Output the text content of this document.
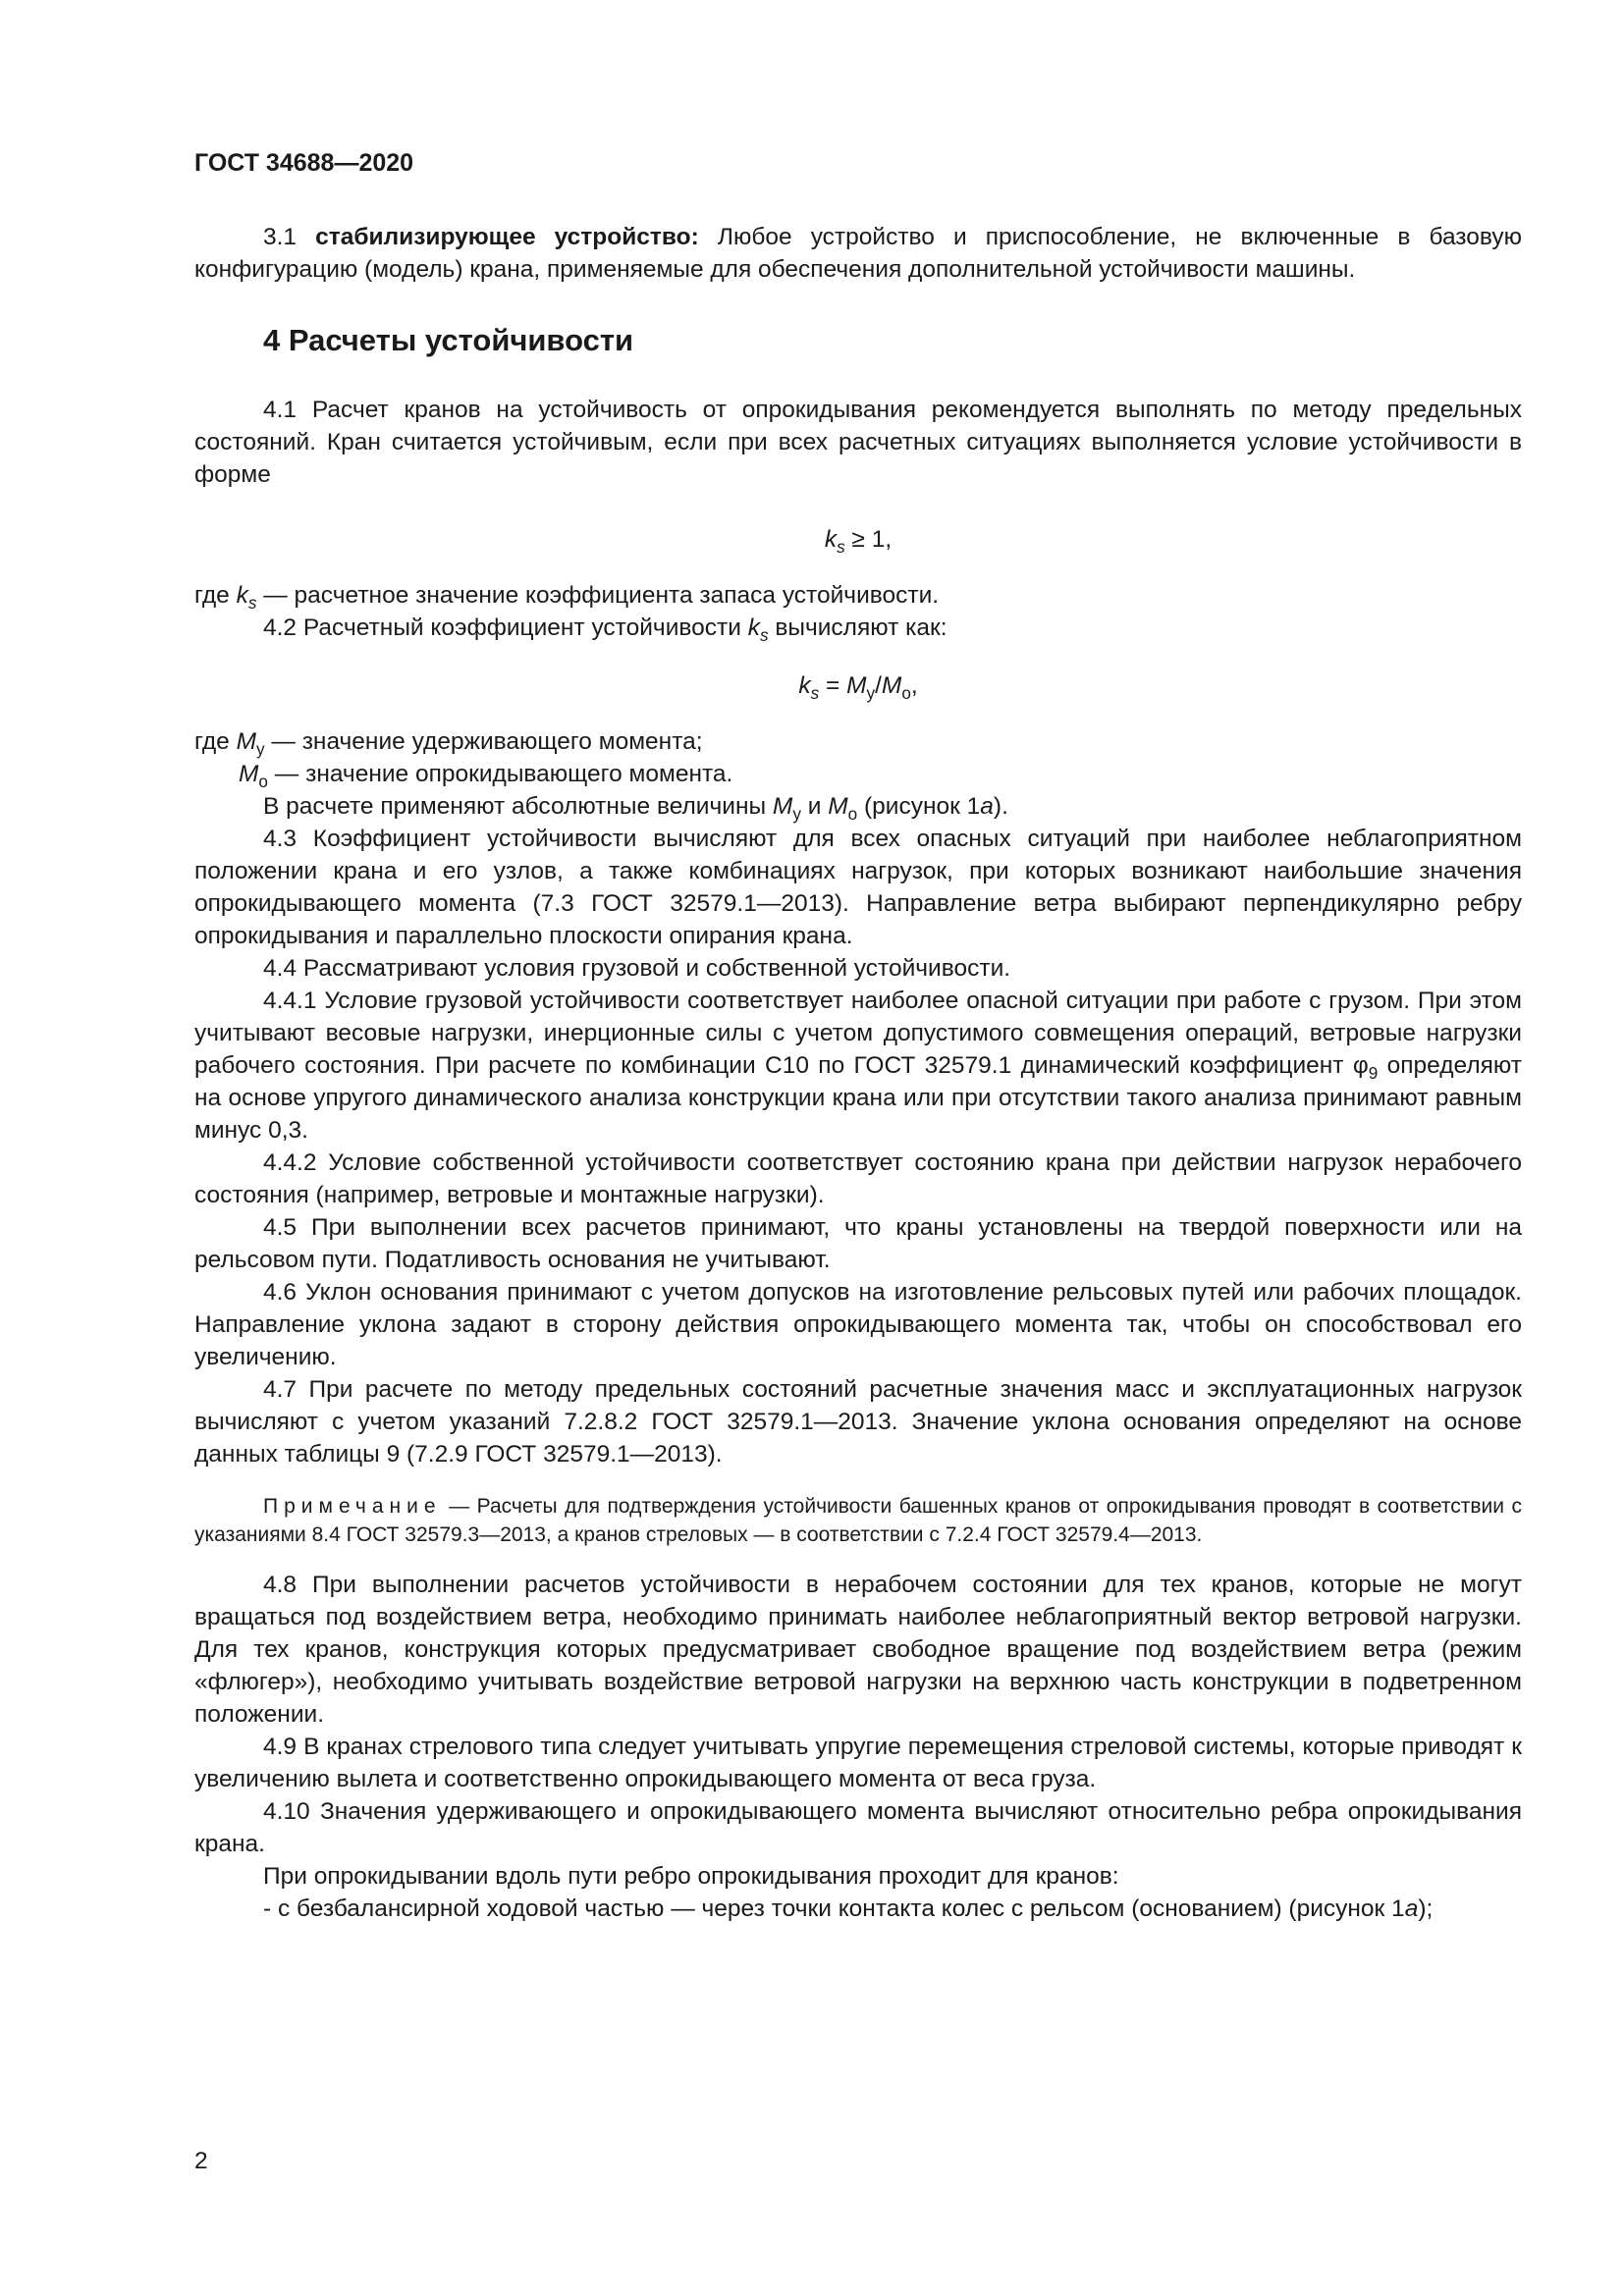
ГОСТ 34688—2020

3.1 стабилизирующее устройство: Любое устройство и приспособление, не включенные в базовую конфигурацию (модель) крана, применяемые для обеспечения дополнительной устойчивости машины.

4 Расчеты устойчивости

4.1 Расчет кранов на устойчивость от опрокидывания рекомендуется выполнять по методу предельных состояний. Кран считается устойчивым, если при всех расчетных ситуациях выполняется условие устойчивости в форме

$k_s \ge 1$,

где $k_s$ — расчетное значение коэффициента запаса устойчивости.

4.2 Расчетный коэффициент устойчивости $k_s$ вычисляют как:

$k_s = M_у/M_о$,

где $M_у$ — значение удерживающего момента;

$M_о$ — значение опрокидывающего момента.

В расчете применяют абсолютные величины $M_у$ и $M_о$ (рисунок 1а).

4.3 Коэффициент устойчивости вычисляют для всех опасных ситуаций при наиболее неблагоприятном положении крана и его узлов, а также комбинациях нагрузок, при которых возникают наибольшие значения опрокидывающего момента (7.3 ГОСТ 32579.1—2013). Направление ветра выбирают перпендикулярно ребру опрокидывания и параллельно плоскости опирания крана.

4.4 Рассматривают условия грузовой и собственной устойчивости.

4.4.1 Условие грузовой устойчивости соответствует наиболее опасной ситуации при работе с грузом. При этом учитывают весовые нагрузки, инерционные силы с учетом допустимого совмещения операций, ветровые нагрузки рабочего состояния. При расчете по комбинации С10 по ГОСТ 32579.1 динамический коэффициент $\varphi_9$ определяют на основе упругого динамического анализа конструкции крана или при отсутствии такого анализа принимают равным минус 0,3.

4.4.2 Условие собственной устойчивости соответствует состоянию крана при действии нагрузок нерабочего состояния (например, ветровые и монтажные нагрузки).

4.5 При выполнении всех расчетов принимают, что краны установлены на твердой поверхности или на рельсовом пути. Податливость основания не учитывают.

4.6 Уклон основания принимают с учетом допусков на изготовление рельсовых путей или рабочих площадок. Направление уклона задают в сторону действия опрокидывающего момента так, чтобы он способствовал его увеличению.

4.7 При расчете по методу предельных состояний расчетные значения масс и эксплуатационных нагрузок вычисляют с учетом указаний 7.2.8.2 ГОСТ 32579.1—2013. Значение уклона основания определяют на основе данных таблицы 9 (7.2.9 ГОСТ 32579.1—2013).

Примечание — Расчеты для подтверждения устойчивости башенных кранов от опрокидывания проводят в соответствии с указаниями 8.4 ГОСТ 32579.3—2013, а кранов стреловых — в соответствии с 7.2.4 ГОСТ 32579.4—2013.

4.8 При выполнении расчетов устойчивости в нерабочем состоянии для тех кранов, которые не могут вращаться под воздействием ветра, необходимо принимать наиболее неблагоприятный вектор ветровой нагрузки. Для тех кранов, конструкция которых предусматривает свободное вращение под воздействием ветра (режим «флюгер»), необходимо учитывать воздействие ветровой нагрузки на верхнюю часть конструкции в подветренном положении.

4.9 В кранах стрелового типа следует учитывать упругие перемещения стреловой системы, которые приводят к увеличению вылета и соответственно опрокидывающего момента от веса груза.

4.10 Значения удерживающего и опрокидывающего момента вычисляют относительно ребра опрокидывания крана.

При опрокидывании вдоль пути ребро опрокидывания проходит для кранов:

- с безбалансирной ходовой частью — через точки контакта колес с рельсом (основанием) (рисунок 1а);

2
